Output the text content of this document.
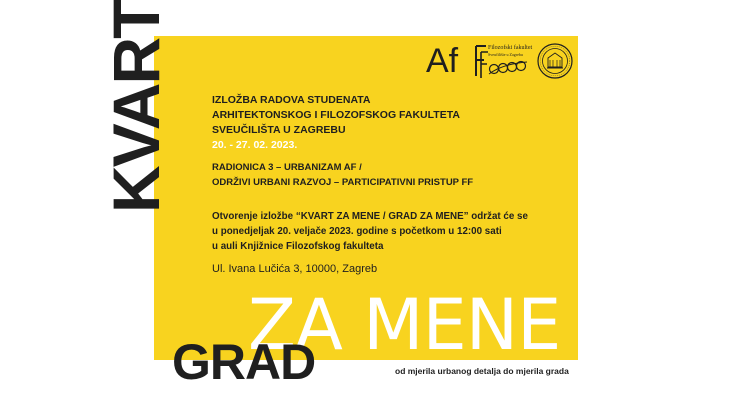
KVART	Af	Filozofski fakultet
Sveučilište u Zagrebu
IZLOŽBA RADOVA STUDENATA
ARHITEKTONSKOG I FILOZOFSKOG FAKULTETA
SVEUČILIŠTA U ZAGREBU
20. - 27. 02. 2023.
RADIONICA 3 – URBANIZAM AF /
ODRŽIVI URBANI RAZVOJ – PARTICIPATIVNI PRISTUP FF
Otvorenje izložbe “KVART ZA MENE / GRAD ZA MENE” održat će se
u ponedjeljak 20. veljače 2023. godine s početkom u 12:00 sati
u auli Knjižnice Filozofskog fakulteta
Ul. Ivana Lučića 3, 10000, Zagreb
ZA MENE
GRAD	od mjerila urbanog detalja do mjerila grada
